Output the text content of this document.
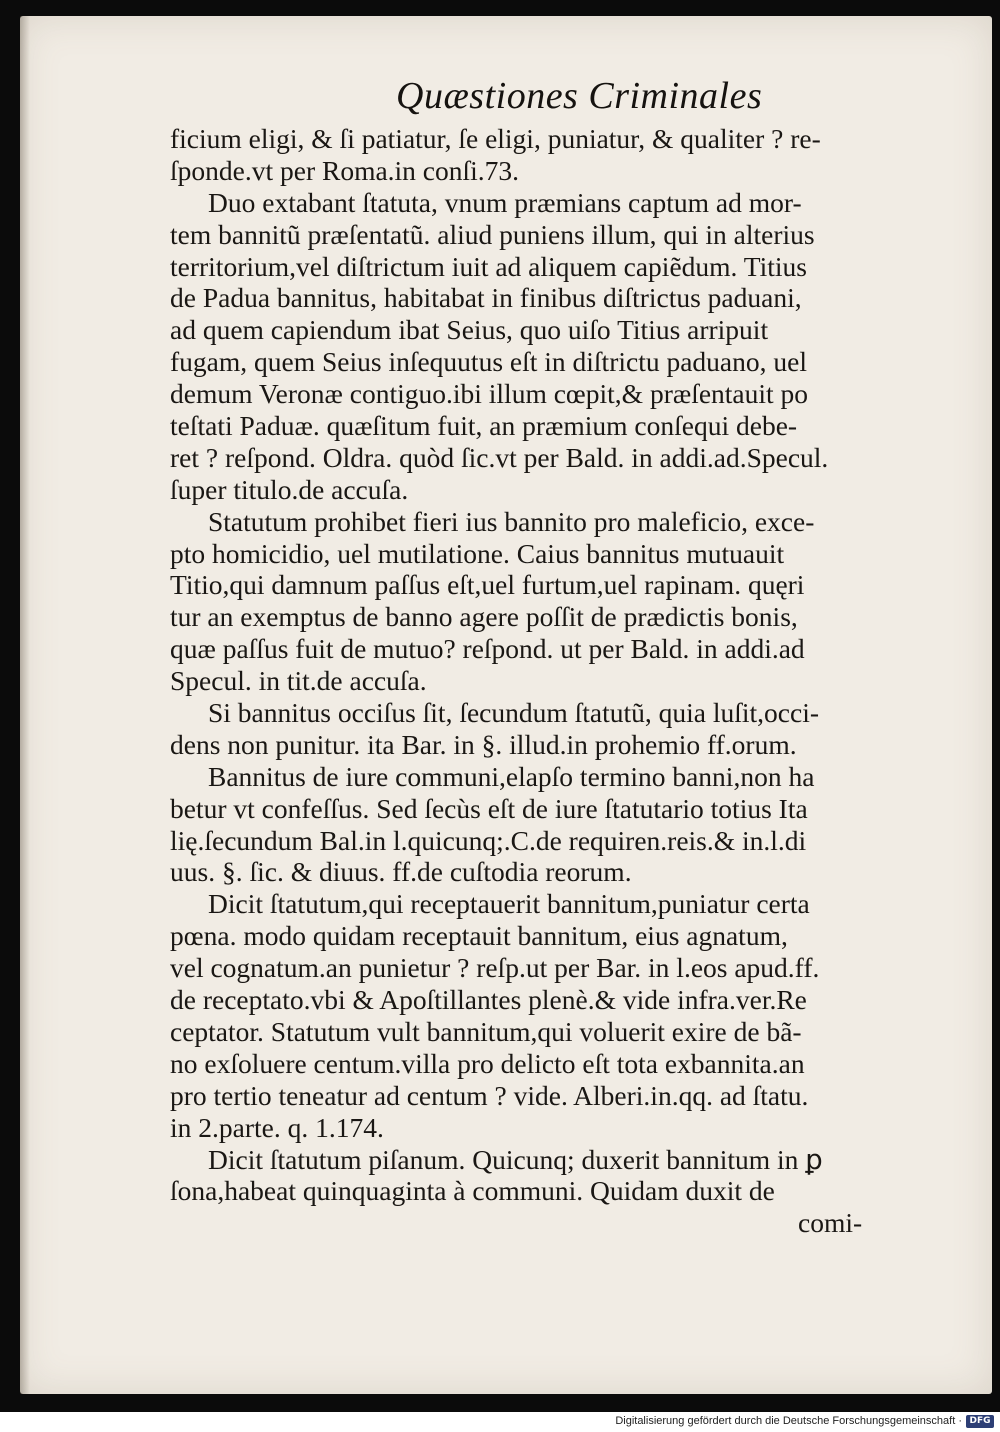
Quæstiones Criminales
ficium eligi, & ſi patiatur, ſe eligi, puniatur, & qualiter ? re-
ſponde.vt per Roma.in conſi.73.
Duo extabant ſtatuta, vnum præmians captum ad mor-
tem bannitũ præſentatũ. aliud puniens illum, qui in alterius
territorium,vel diſtrictum iuit ad aliquem capiẽdum. Titius
de Padua bannitus, habitabat in finibus diſtrictus paduani,
ad quem capiendum ibat Seius, quo uiſo Titius arripuit
fugam, quem Seius inſequutus eſt in diſtrictu paduano, uel
demum Veronæ contiguo.ibi illum cœpit,& præſentauit po
teſtati Paduæ. quæſitum fuit, an præmium conſequi debe-
ret ? reſpond. Oldra. quòd ſic.vt per Bald. in addi.ad.Specul.
ſuper titulo.de accuſa.
Statutum prohibet fieri ius bannito pro maleficio, exce-
pto homicidio, uel mutilatione. Caius bannitus mutuauit
Titio,qui damnum paſſus eſt,uel furtum,uel rapinam. quęri
tur an exemptus de banno agere poſſit de prædictis bonis,
quæ paſſus fuit de mutuo? reſpond. ut per Bald. in addi.ad
Specul. in tit.de accuſa.
Si bannitus occiſus ſit, ſecundum ſtatutũ, quia luſit,occi-
dens non punitur. ita Bar. in §. illud.in prohemio ff.orum.
Bannitus de iure communi,elapſo termino banni,non ha
betur vt confeſſus. Sed ſecùs eſt de iure ſtatutario totius Ita
lię.ſecundum Bal.in l.quicunq;.C.de requiren.reis.& in.l.di
uus. §. ſic. & diuus. ff.de cuſtodia reorum.
Dicit ſtatutum,qui receptauerit bannitum,puniatur certa
pœna. modo quidam receptauit bannitum, eius agnatum,
vel cognatum.an punietur ? reſp.ut per Bar. in l.eos apud.ff.
de receptato.vbi & Apoſtillantes plenè.& vide infra.ver.Re
ceptator. Statutum vult bannitum,qui voluerit exire de bã-
no exſoluere centum.villa pro delicto eſt tota exbannita.an
pro tertio teneatur ad centum ? vide. Alberi.in.qq. ad ſtatu.
in 2.parte. q. 1.174.
Dicit ſtatutum piſanum. Quicunq; duxerit bannitum in ꝑ
ſona,habeat quinquaginta à communi. Quidam duxit de
comi-
Digitalisierung gefördert durch die Deutsche Forschungsgemeinschaft · DFG
